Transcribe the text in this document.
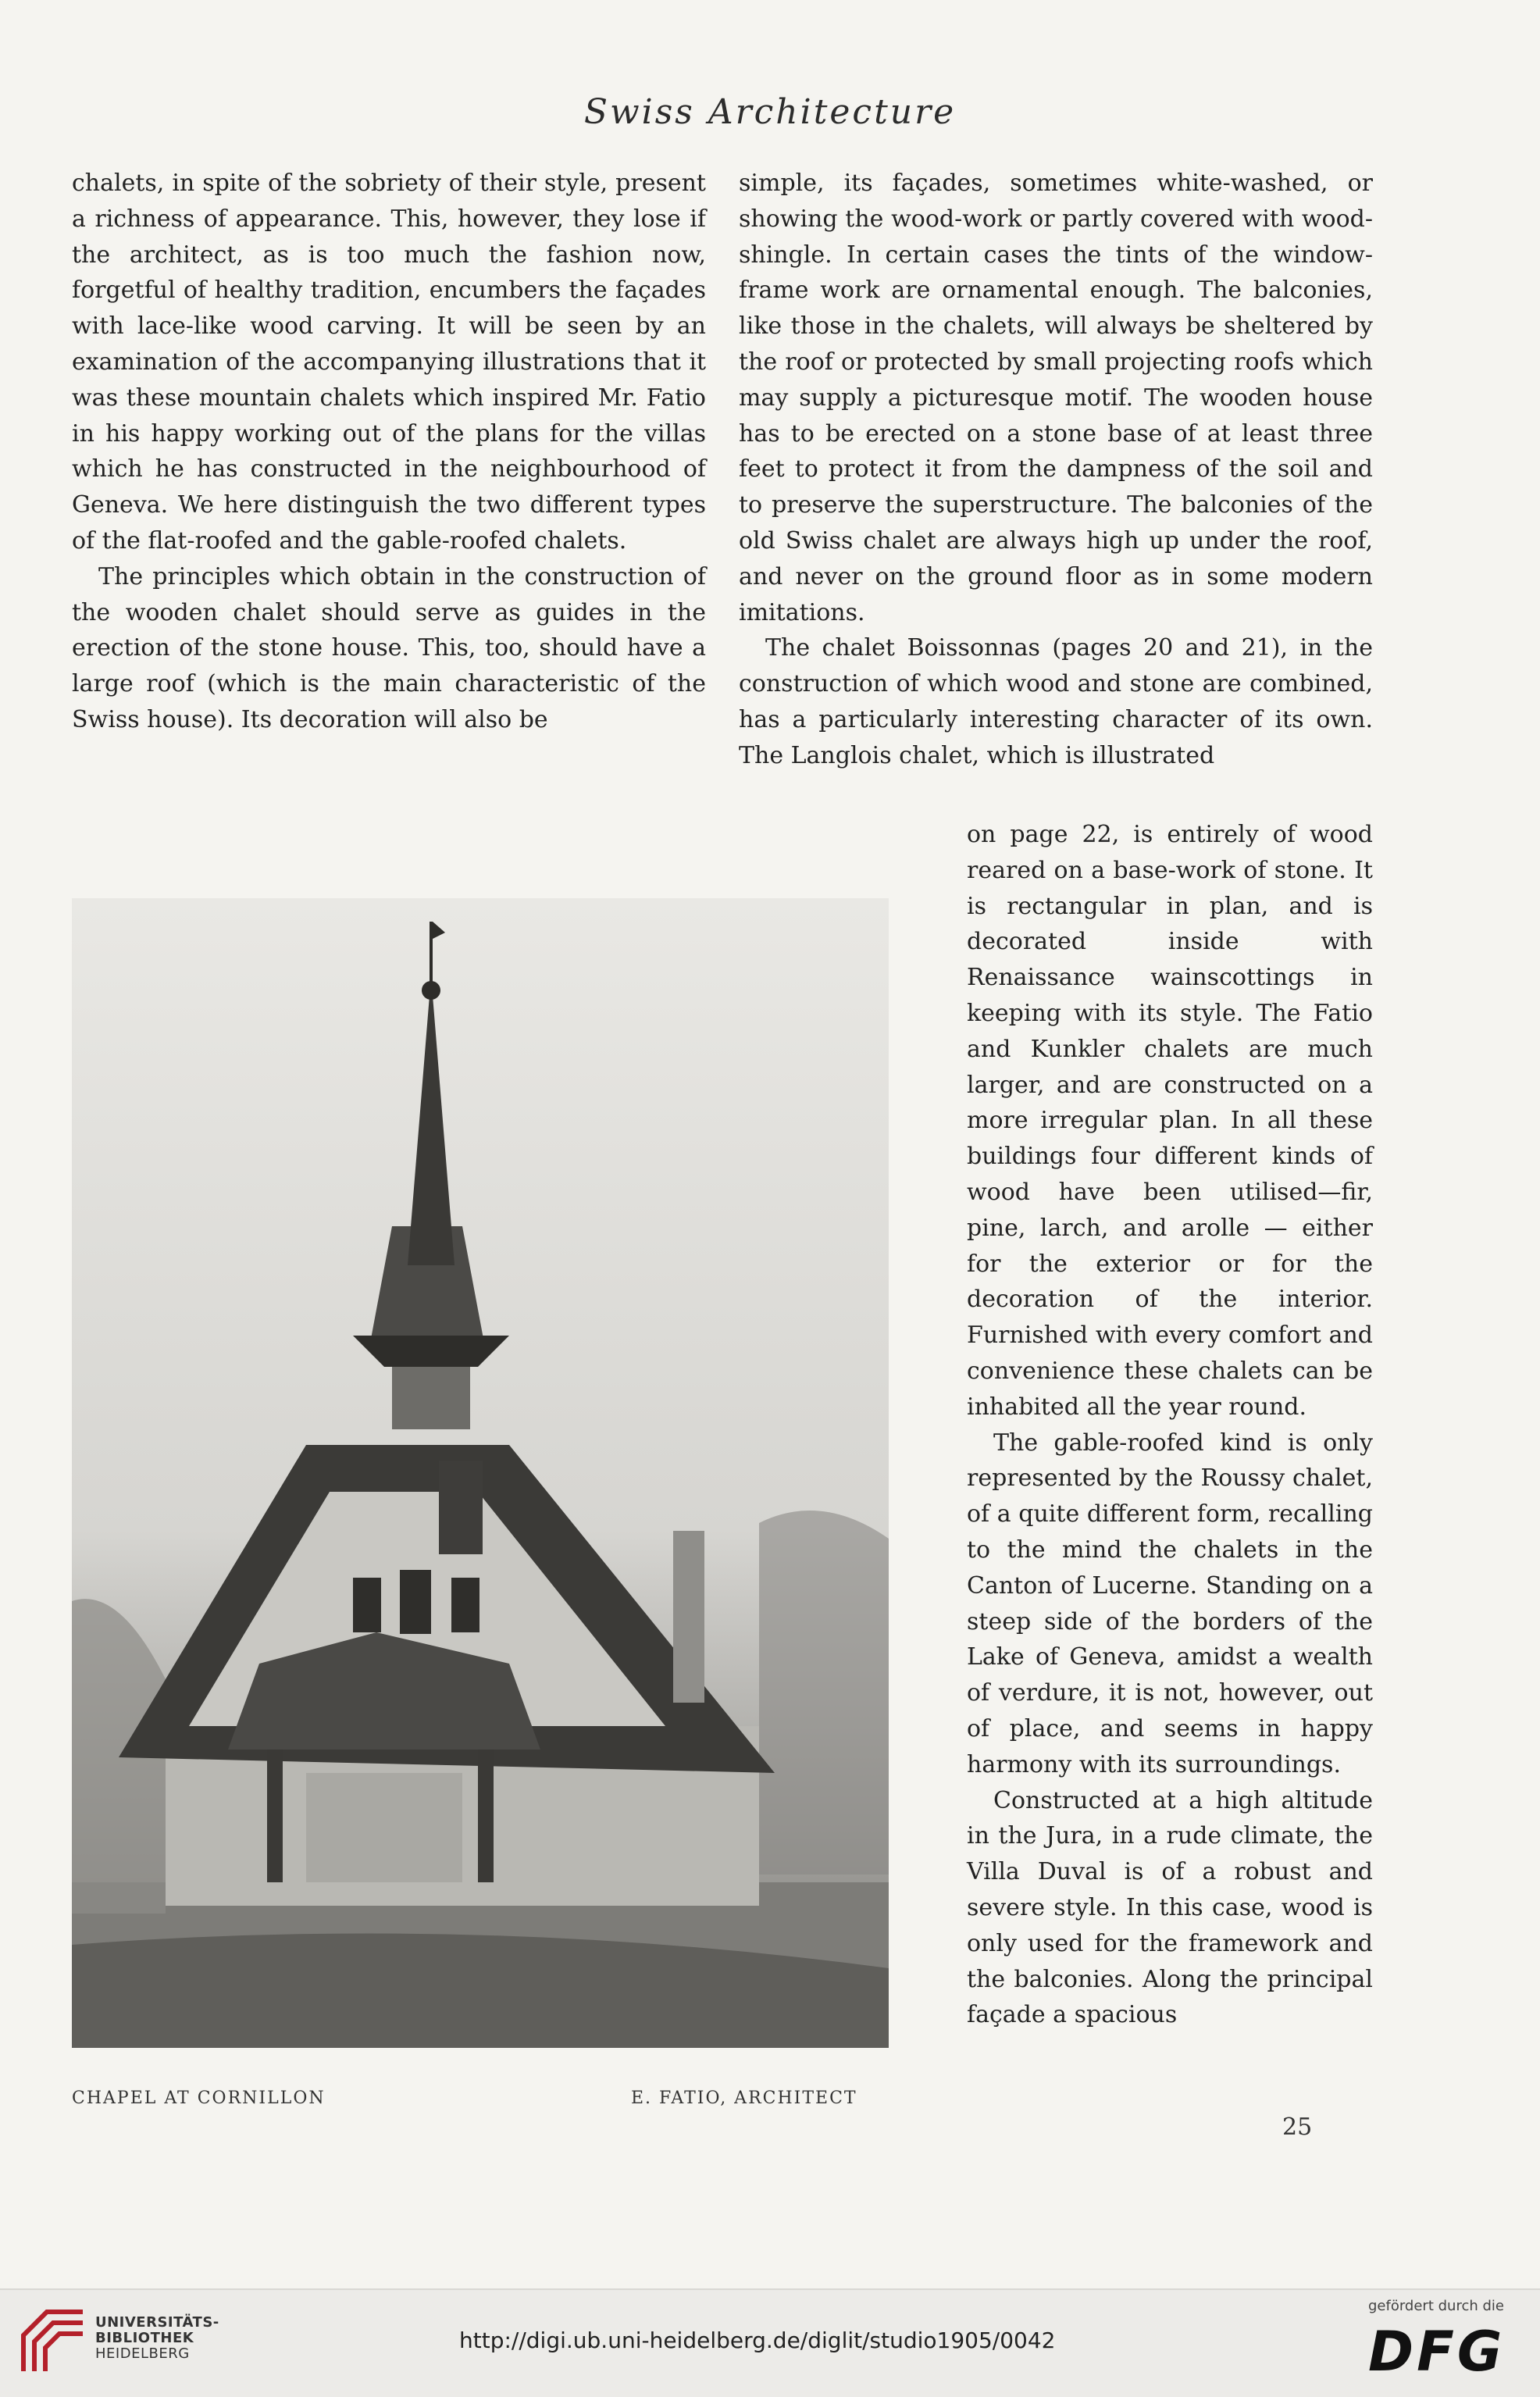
Swiss Architecture

chalets, in spite of the sobriety of their style, present a richness of appearance. This, however, they lose if the architect, as is too much the fashion now, forgetful of healthy tradition, encumbers the façades with lace-like wood carving. It will be seen by an examination of the accompanying illustrations that it was these mountain chalets which inspired Mr. Fatio in his happy working out of the plans for the villas which he has constructed in the neighbourhood of Geneva. We here distinguish the two different types of the flat-roofed and the gable-roofed chalets.

The principles which obtain in the construction of the wooden chalet should serve as guides in the erection of the stone house. This, too, should have a large roof (which is the main characteristic of the Swiss house). Its decoration will also be

simple, its façades, sometimes white-washed, or showing the wood-work or partly covered with wood-shingle. In certain cases the tints of the window-frame work are ornamental enough. The balconies, like those in the chalets, will always be sheltered by the roof or protected by small projecting roofs which may supply a picturesque motif. The wooden house has to be erected on a stone base of at least three feet to protect it from the dampness of the soil and to preserve the superstructure. The balconies of the old Swiss chalet are always high up under the roof, and never on the ground floor as in some modern imitations.

The chalet Boissonnas (pages 20 and 21), in the construction of which wood and stone are combined, has a particularly interesting character of its own. The Langlois chalet, which is illustrated

on page 22, is entirely of wood reared on a base-work of stone. It is rectangular in plan, and is decorated inside with Renaissance wainscottings in keeping with its style. The Fatio and Kunkler chalets are much larger, and are constructed on a more irregular plan. In all these buildings four different kinds of wood have been utilised—fir, pine, larch, and arolle — either for the exterior or for the decoration of the interior. Furnished with every comfort and convenience these chalets can be inhabited all the year round.

The gable-roofed kind is only represented by the Roussy chalet, of a quite different form, recalling to the mind the chalets in the Canton of Lucerne. Standing on a steep side of the borders of the Lake of Geneva, amidst a wealth of verdure, it is not, however, out of place, and seems in happy harmony with its surroundings.

Constructed at a high altitude in the Jura, in a rude climate, the Villa Duval is of a robust and severe style. In this case, wood is only used for the framework and the balconies. Along the principal façade a spacious

CHAPEL AT CORNILLON	E. FATIO, ARCHITECT
25
UNIVERSITÄTS-
BIBLIOTHEK
HEIDELBERG
http://digi.ub.uni-heidelberg.de/diglit/studio1905/0042
gefördert durch die
DFG
